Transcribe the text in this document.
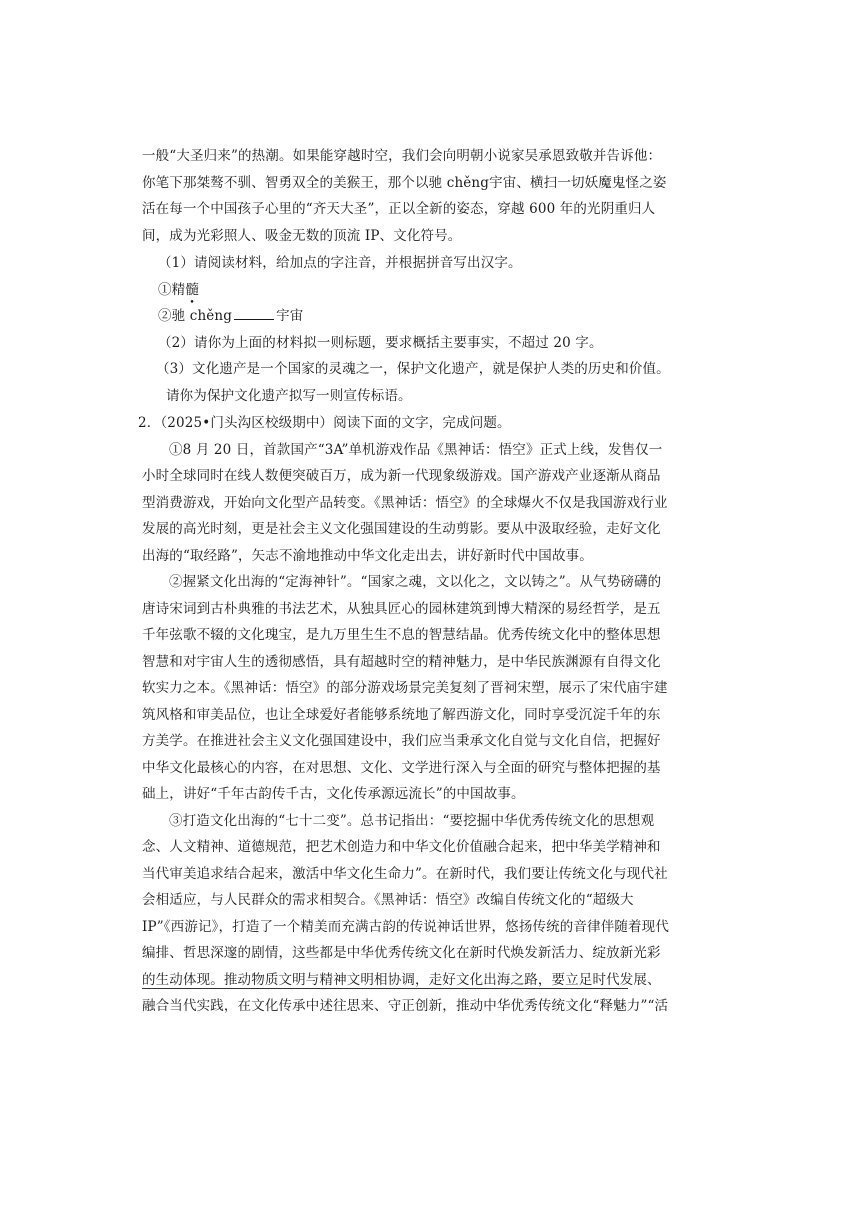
一般“大圣归来”的热潮。如果能穿越时空，我们会向明朝小说家吴承恩致敬并告诉他：你笔下那桀骜不驯、智勇双全的美猴王，那个以驰 chěng宇宙、横扫一切妖魔鬼怪之姿活在每一个中国孩子心里的“齐天大圣”，正以全新的姿态，穿越 600 年的光阴重归人间，成为光彩照人、吸金无数的顶流 IP、文化符号。

（1）请阅读材料，给加点的字注音，并根据拼音写出汉字。

①精髓

②驰 chěng	宇宙

（2）请你为上面的材料拟一则标题，要求概括主要事实，不超过 20 字。

（3）文化遗产是一个国家的灵魂之一，保护文化遗产，就是保护人类的历史和价值。请你为保护文化遗产拟写一则宣传标语。

2．（2025•门头沟区校级期中）阅读下面的文字，完成问题。

①8 月 20 日，首款国产“3A”单机游戏作品《黑神话：悟空》正式上线，发售仅一小时全球同时在线人数便突破百万，成为新一代现象级游戏。国产游戏产业逐渐从商品型消费游戏，开始向文化型产品转变。《黑神话：悟空》的全球爆火不仅是我国游戏行业发展的高光时刻，更是社会主义文化强国建设的生动剪影。要从中汲取经验，走好文化出海的“取经路”，矢志不渝地推动中华文化走出去，讲好新时代中国故事。

②握紧文化出海的“定海神针”。“国家之魂，文以化之，文以铸之”。从气势磅礴的唐诗宋词到古朴典雅的书法艺术，从独具匠心的园林建筑到博大精深的易经哲学，是五千年弦歌不辍的文化瑰宝，是九万里生生不息的智慧结晶。优秀传统文化中的整体思想智慧和对宇宙人生的透彻感悟，具有超越时空的精神魅力，是中华民族渊源有自得文化软实力之本。《黑神话：悟空》的部分游戏场景完美复刻了晋祠宋塑，展示了宋代庙宇建筑风格和审美品位，也让全球爱好者能够系统地了解西游文化，同时享受沉淀千年的东方美学。在推进社会主义文化强国建设中，我们应当秉承文化自觉与文化自信，把握好中华文化最核心的内容，在对思想、文化、文学进行深入与全面的研究与整体把握的基础上，讲好“千年古韵传千古，文化传承源远流长”的中国故事。

③打造文化出海的“七十二变”。总书记指出：“要挖掘中华优秀传统文化的思想观念、人文精神、道德规范，把艺术创造力和中华文化价值融合起来，把中华美学精神和当代审美追求结合起来，激活中华文化生命力”。在新时代，我们要让传统文化与现代社会相适应，与人民群众的需求相契合。《黑神话：悟空》改编自传统文化的“超级大 IP”《西游记》，打造了一个精美而充满古韵的传说神话世界，悠扬传统的音律伴随着现代编排、哲思深邃的剧情，这些都是中华优秀传统文化在新时代焕发新活力、绽放新光彩的生动体现。推动物质文明与精神文明相协调，走好文化出海之路，要立足时代发展、融合当代实践，在文化传承中述往思来、守正创新，推动中华优秀传统文化“释魅力”“活
